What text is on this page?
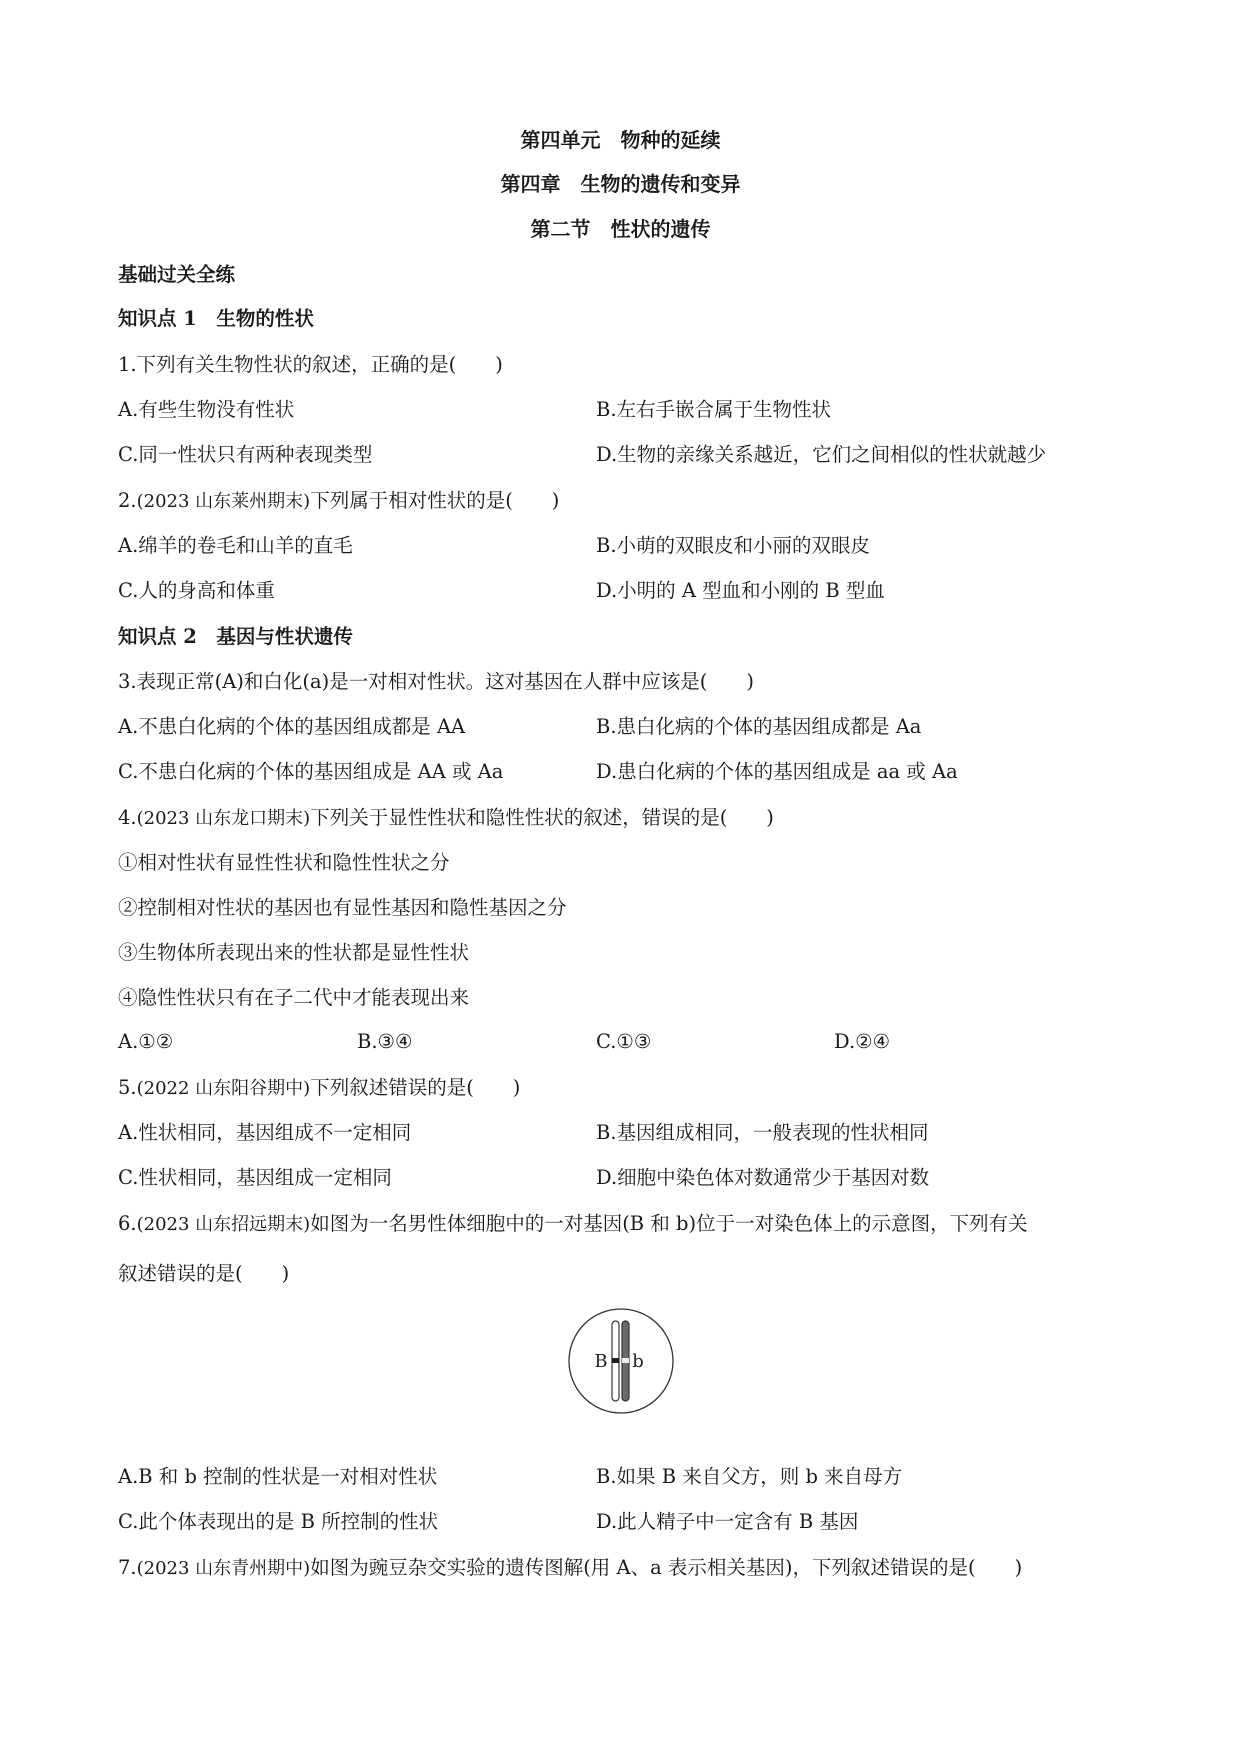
第四单元　物种的延续
第四章　生物的遗传和变异
第二节　性状的遗传
基础过关全练
知识点 1　生物的性状
1.下列有关生物性状的叙述，正确的是(　　)
A.有些生物没有性状	B.左右手嵌合属于生物性状
C.同一性状只有两种表现类型	D.生物的亲缘关系越近，它们之间相似的性状就越少
2.(2023 山东莱州期末)下列属于相对性状的是(　　)
A.绵羊的卷毛和山羊的直毛	B.小萌的双眼皮和小丽的双眼皮
C.人的身高和体重	D.小明的 A 型血和小刚的 B 型血
知识点 2　基因与性状遗传
3.表现正常(A)和白化(a)是一对相对性状。这对基因在人群中应该是(　　)
A.不患白化病的个体的基因组成都是 AA	B.患白化病的个体的基因组成都是 Aa
C.不患白化病的个体的基因组成是 AA 或 Aa	D.患白化病的个体的基因组成是 aa 或 Aa
4.(2023 山东龙口期末)下列关于显性性状和隐性性状的叙述，错误的是(　　)
①相对性状有显性性状和隐性性状之分
②控制相对性状的基因也有显性基因和隐性基因之分
③生物体所表现出来的性状都是显性性状
④隐性性状只有在子二代中才能表现出来
A.①②	B.③④	C.①③	D.②④
5.(2022 山东阳谷期中)下列叙述错误的是(　　)
A.性状相同，基因组成不一定相同	B.基因组成相同，一般表现的性状相同
C.性状相同，基因组成一定相同	D.细胞中染色体对数通常少于基因对数
6.(2023 山东招远期末)如图为一名男性体细胞中的一对基因(B 和 b)位于一对染色体上的示意图，下列有关
叙述错误的是(　　)
B b
A.B 和 b 控制的性状是一对相对性状	B.如果 B 来自父方，则 b 来自母方
C.此个体表现出的是 B 所控制的性状	D.此人精子中一定含有 B 基因
7.(2023 山东青州期中)如图为豌豆杂交实验的遗传图解(用 A、a 表示相关基因)，下列叙述错误的是(　　)
